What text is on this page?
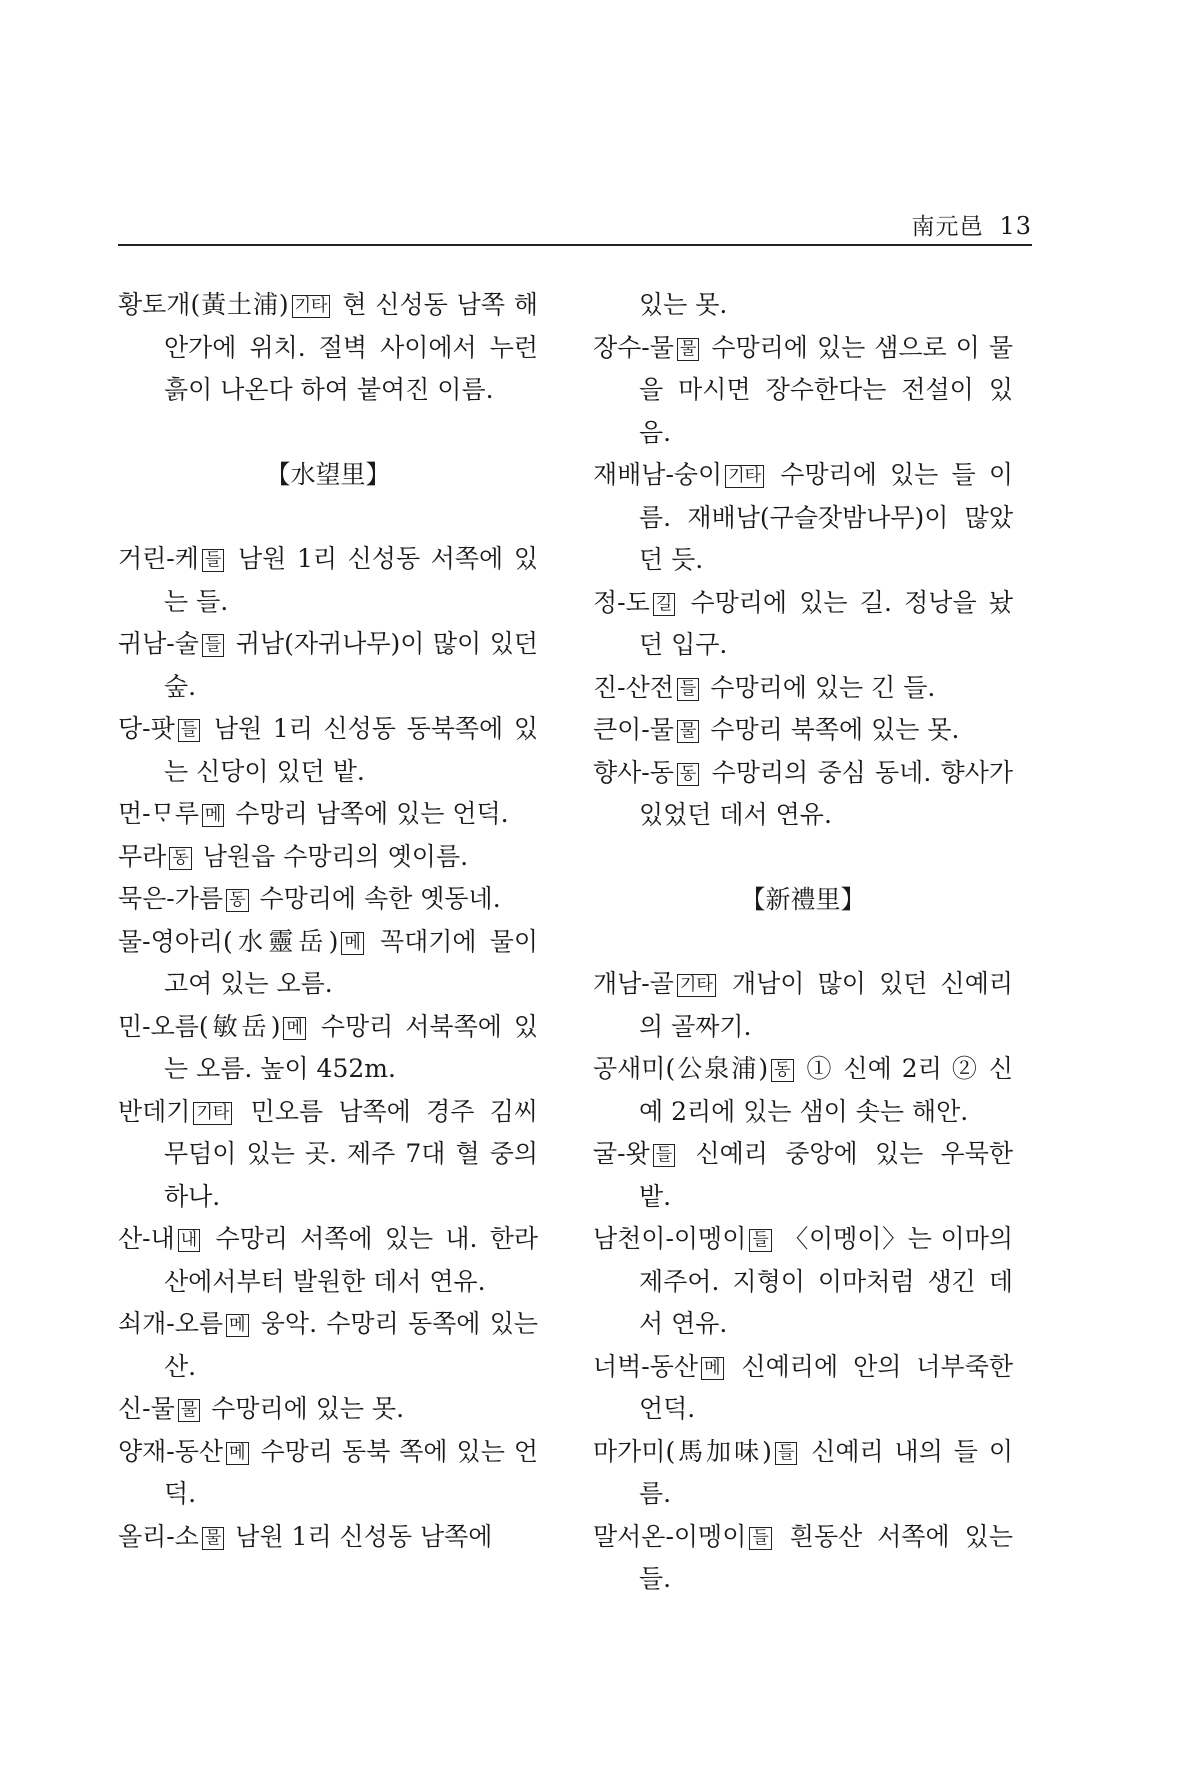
南元邑 13
황토개(黃土浦) 기타 현 신성동 남쪽 해안가에 위치. 절벽 사이에서 누런 흙이 나온다 하여 붙여진 이름.
【水望里】
거린-케 들 남원 1리 신성동 서쪽에 있는 들.
귀남-술 들 귀남(자귀나무)이 많이 있던 숲.
당-팟 들 남원 1리 신성동 동북쪽에 있는 신당이 있던 밭.
먼-ᄆᆞ루 메 수망리 남쪽에 있는 언덕.
무라 동 남원읍 수망리의 옛이름.
묵은-가름 동 수망리에 속한 옛동네.
물-영아리(水靈岳) 메 꼭대기에 물이 고여 있는 오름.
민-오름(敏岳) 메 수망리 서북쪽에 있는 오름. 높이 452m.
반데기 기타 민오름 남쪽에 경주 김씨 무덤이 있는 곳. 제주 7대 혈 중의 하나.
산-내 내 수망리 서쪽에 있는 내. 한라산에서부터 발원한 데서 연유.
쇠개-오름 메 웅악. 수망리 동쪽에 있는 산.
신-물 물 수망리에 있는 못.
양재-동산 메 수망리 동북 쪽에 있는 언덕.
올리-소 물 남원 1리 신성동 남쪽에
있는 못.
장수-물 물 수망리에 있는 샘으로 이 물을 마시면 장수한다는 전설이 있음.
재배남-숭이 기타 수망리에 있는 들 이름. 재배남(구슬잣밤나무)이 많았던 듯.
정-도 길 수망리에 있는 길. 정낭을 놨던 입구.
진-산전 들 수망리에 있는 긴 들.
큰이-물 물 수망리 북쪽에 있는 못.
향사-동 동 수망리의 중심 동네. 향사가 있었던 데서 연유.
【新禮里】
개남-골 기타 개남이 많이 있던 신예리의 골짜기.
공새미(公泉浦) 동 ① 신예 2리 ② 신예 2리에 있는 샘이 솟는 해안.
굴-왓 들 신예리 중앙에 있는 우묵한 밭.
남천이-이멩이 들 〈이멩이〉는 이마의 제주어. 지형이 이마처럼 생긴 데서 연유.
너벅-동산 메 신예리에 안의 너부죽한 언덕.
마가미(馬加味) 들 신예리 내의 들 이름.
말서온-이멩이 들 흰동산 서쪽에 있는 들.
